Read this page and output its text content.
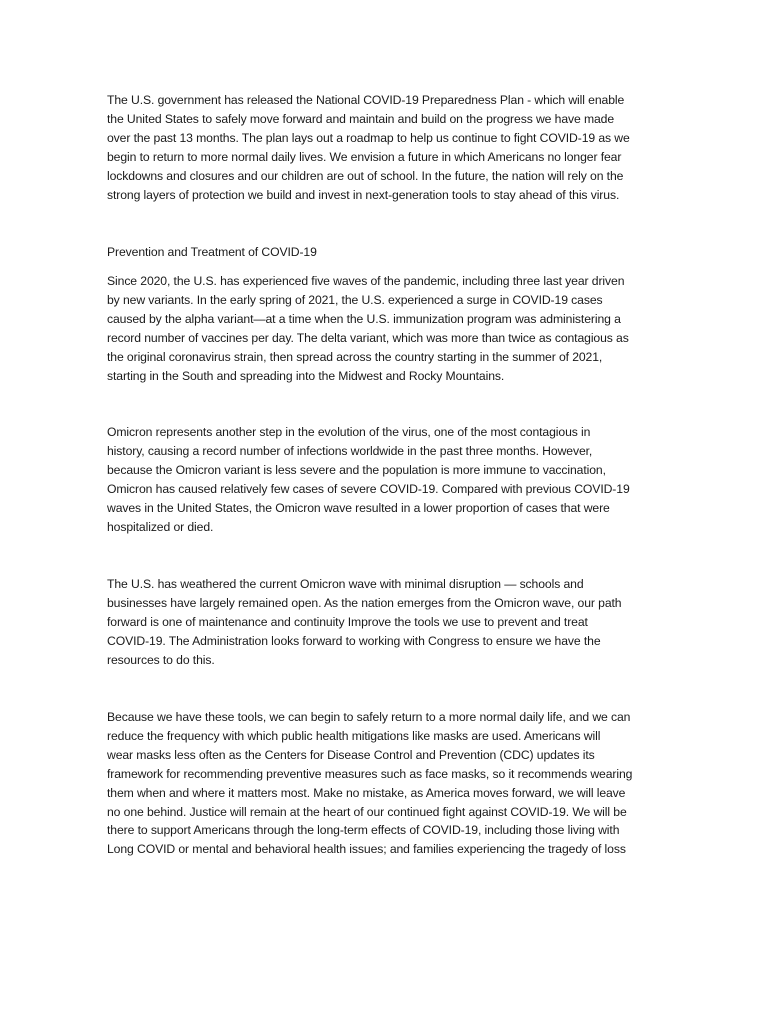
The U.S. government has released the National COVID-19 Preparedness Plan - which will enable
the United States to safely move forward and maintain and build on the progress we have made
over the past 13 months. The plan lays out a roadmap to help us continue to fight COVID-19 as we
begin to return to more normal daily lives. We envision a future in which Americans no longer fear
lockdowns and closures and our children are out of school. In the future, the nation will rely on the
strong layers of protection we build and invest in next-generation tools to stay ahead of this virus.

Prevention and Treatment of COVID-19

Since 2020, the U.S. has experienced five waves of the pandemic, including three last year driven
by new variants. In the early spring of 2021, the U.S. experienced a surge in COVID-19 cases
caused by the alpha variant—at a time when the U.S. immunization program was administering a
record number of vaccines per day. The delta variant, which was more than twice as contagious as
the original coronavirus strain, then spread across the country starting in the summer of 2021,
starting in the South and spreading into the Midwest and Rocky Mountains.

Omicron represents another step in the evolution of the virus, one of the most contagious in
history, causing a record number of infections worldwide in the past three months. However,
because the Omicron variant is less severe and the population is more immune to vaccination,
Omicron has caused relatively few cases of severe COVID-19. Compared with previous COVID-19
waves in the United States, the Omicron wave resulted in a lower proportion of cases that were
hospitalized or died.

The U.S. has weathered the current Omicron wave with minimal disruption — schools and
businesses have largely remained open. As the nation emerges from the Omicron wave, our path
forward is one of maintenance and continuity Improve the tools we use to prevent and treat
COVID-19. The Administration looks forward to working with Congress to ensure we have the
resources to do this.

Because we have these tools, we can begin to safely return to a more normal daily life, and we can
reduce the frequency with which public health mitigations like masks are used. Americans will
wear masks less often as the Centers for Disease Control and Prevention (CDC) updates its
framework for recommending preventive measures such as face masks, so it recommends wearing
them when and where it matters most. Make no mistake, as America moves forward, we will leave
no one behind. Justice will remain at the heart of our continued fight against COVID-19. We will be
there to support Americans through the long-term effects of COVID-19, including those living with
Long COVID or mental and behavioral health issues; and families experiencing the tragedy of loss
